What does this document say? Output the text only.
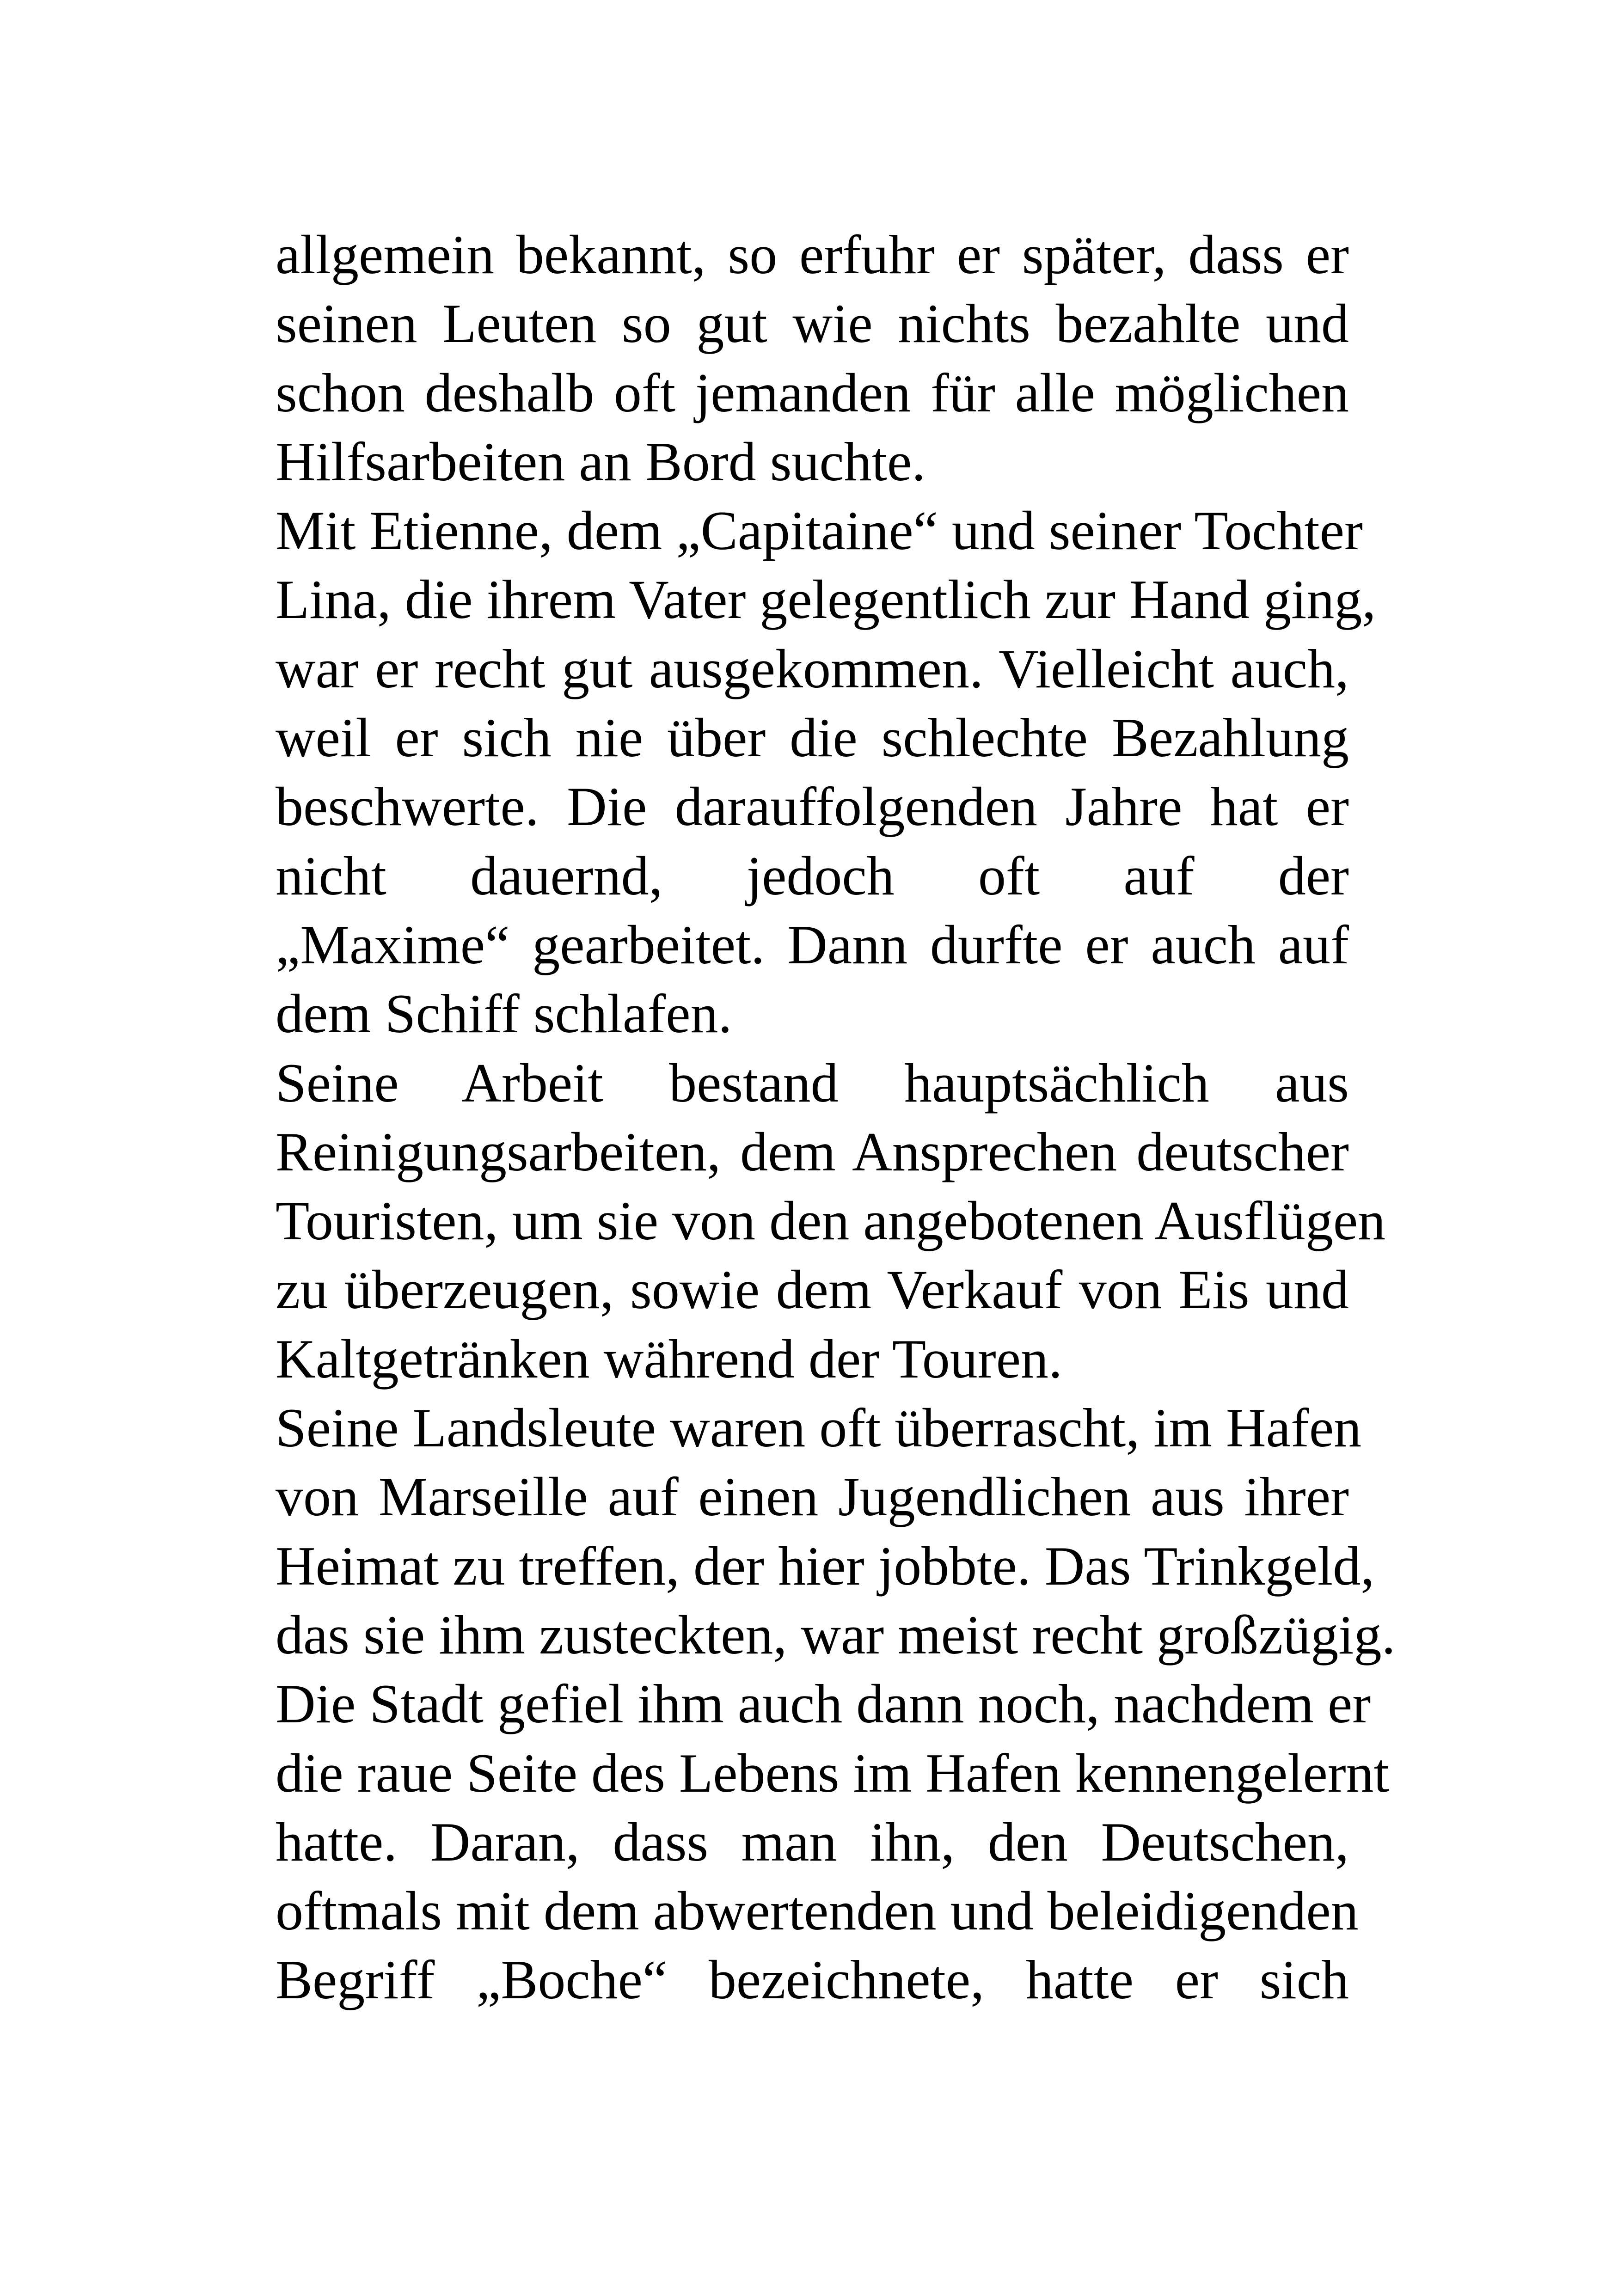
allgemein bekannt, so erfuhr er später, dass er
seinen Leuten so gut wie nichts bezahlte und
schon deshalb oft jemanden für alle möglichen
Hilfsarbeiten an Bord suchte.
Mit Etienne, dem „Capitaine“ und seiner Tochter
Lina, die ihrem Vater gelegentlich zur Hand ging,
war er recht gut ausgekommen. Vielleicht auch,
weil er sich nie über die schlechte Bezahlung
beschwerte. Die darauffolgenden Jahre hat er
nicht dauernd, jedoch oft auf der
„Maxime“ gearbeitet. Dann durfte er auch auf
dem Schiff schlafen.
Seine Arbeit bestand hauptsächlich aus
Reinigungsarbeiten, dem Ansprechen deutscher
Touristen, um sie von den angebotenen Ausflügen
zu überzeugen, sowie dem Verkauf von Eis und
Kaltgetränken während der Touren.
Seine Landsleute waren oft überrascht, im Hafen
von Marseille auf einen Jugendlichen aus ihrer
Heimat zu treffen, der hier jobbte. Das Trinkgeld,
das sie ihm zusteckten, war meist recht großzügig.
Die Stadt gefiel ihm auch dann noch, nachdem er
die raue Seite des Lebens im Hafen kennengelernt
hatte. Daran, dass man ihn, den Deutschen,
oftmals mit dem abwertenden und beleidigenden
Begriff „Boche“ bezeichnete, hatte er sich
